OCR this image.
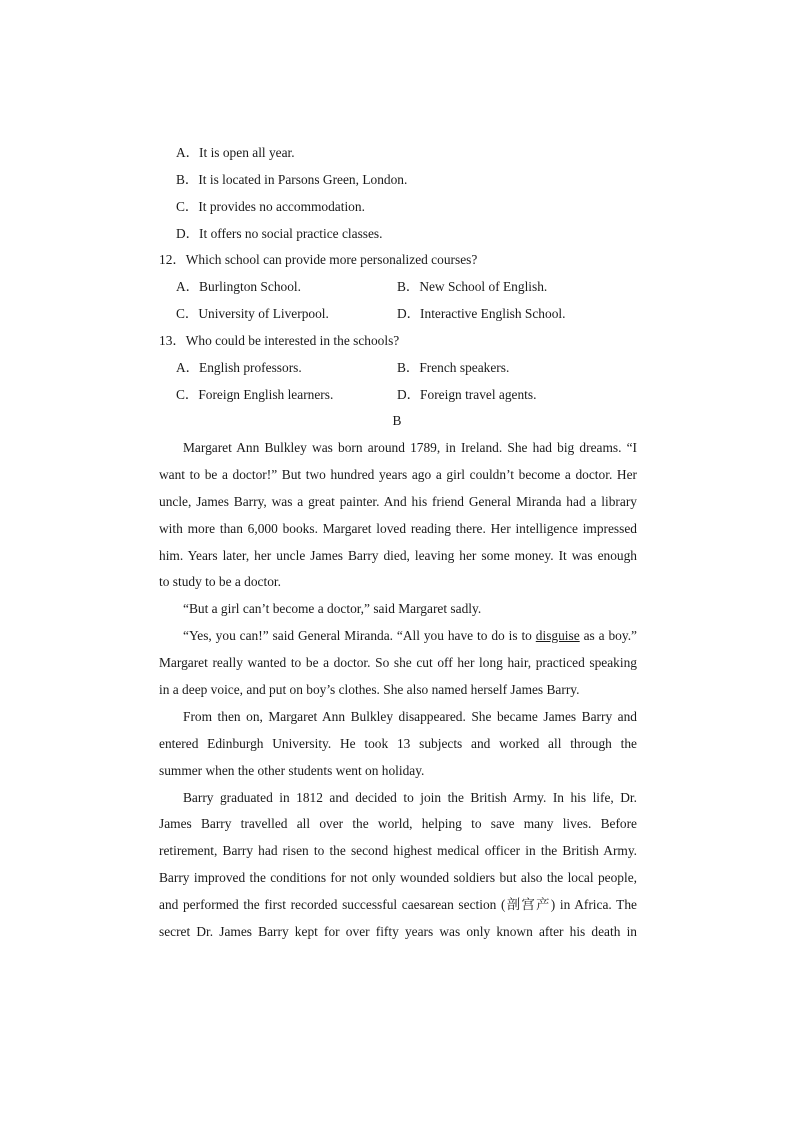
A．It is open all year.
B．It is located in Parsons Green, London.
C．It provides no accommodation.
D．It offers no social practice classes.
12．Which school can provide more personalized courses?
A．Burlington School.	B．New School of English.
C．University of Liverpool.	D．Interactive English School.
13．Who could be interested in the schools?
A．English professors.	B．French speakers.
C．Foreign English learners.	D．Foreign travel agents.
B
Margaret Ann Bulkley was born around 1789, in Ireland. She had big dreams. “I
want to be a doctor!” But two hundred years ago a girl couldn’t become a doctor. Her
uncle, James Barry, was a great painter. And his friend General Miranda had a library
with more than 6,000 books. Margaret loved reading there. Her intelligence impressed
him. Years later, her uncle James Barry died, leaving her some money. It was enough
to study to be a doctor.
“But a girl can’t become a doctor,” said Margaret sadly.
“Yes, you can!” said General Miranda. “All you have to do is to disguise as a boy.”
Margaret really wanted to be a doctor. So she cut off her long hair, practiced speaking
in a deep voice, and put on boy’s clothes. She also named herself James Barry.
From then on, Margaret Ann Bulkley disappeared. She became James Barry and
entered Edinburgh University. He took 13 subjects and worked all through the
summer when the other students went on holiday.
Barry graduated in 1812 and decided to join the British Army. In his life, Dr.
James Barry travelled all over the world, helping to save many lives. Before
retirement, Barry had risen to the second highest medical officer in the British Army.
Barry improved the conditions for not only wounded soldiers but also the local people,
and performed the first recorded successful caesarean section (剖宫产) in Africa. The
secret Dr. James Barry kept for over fifty years was only known after his death in
